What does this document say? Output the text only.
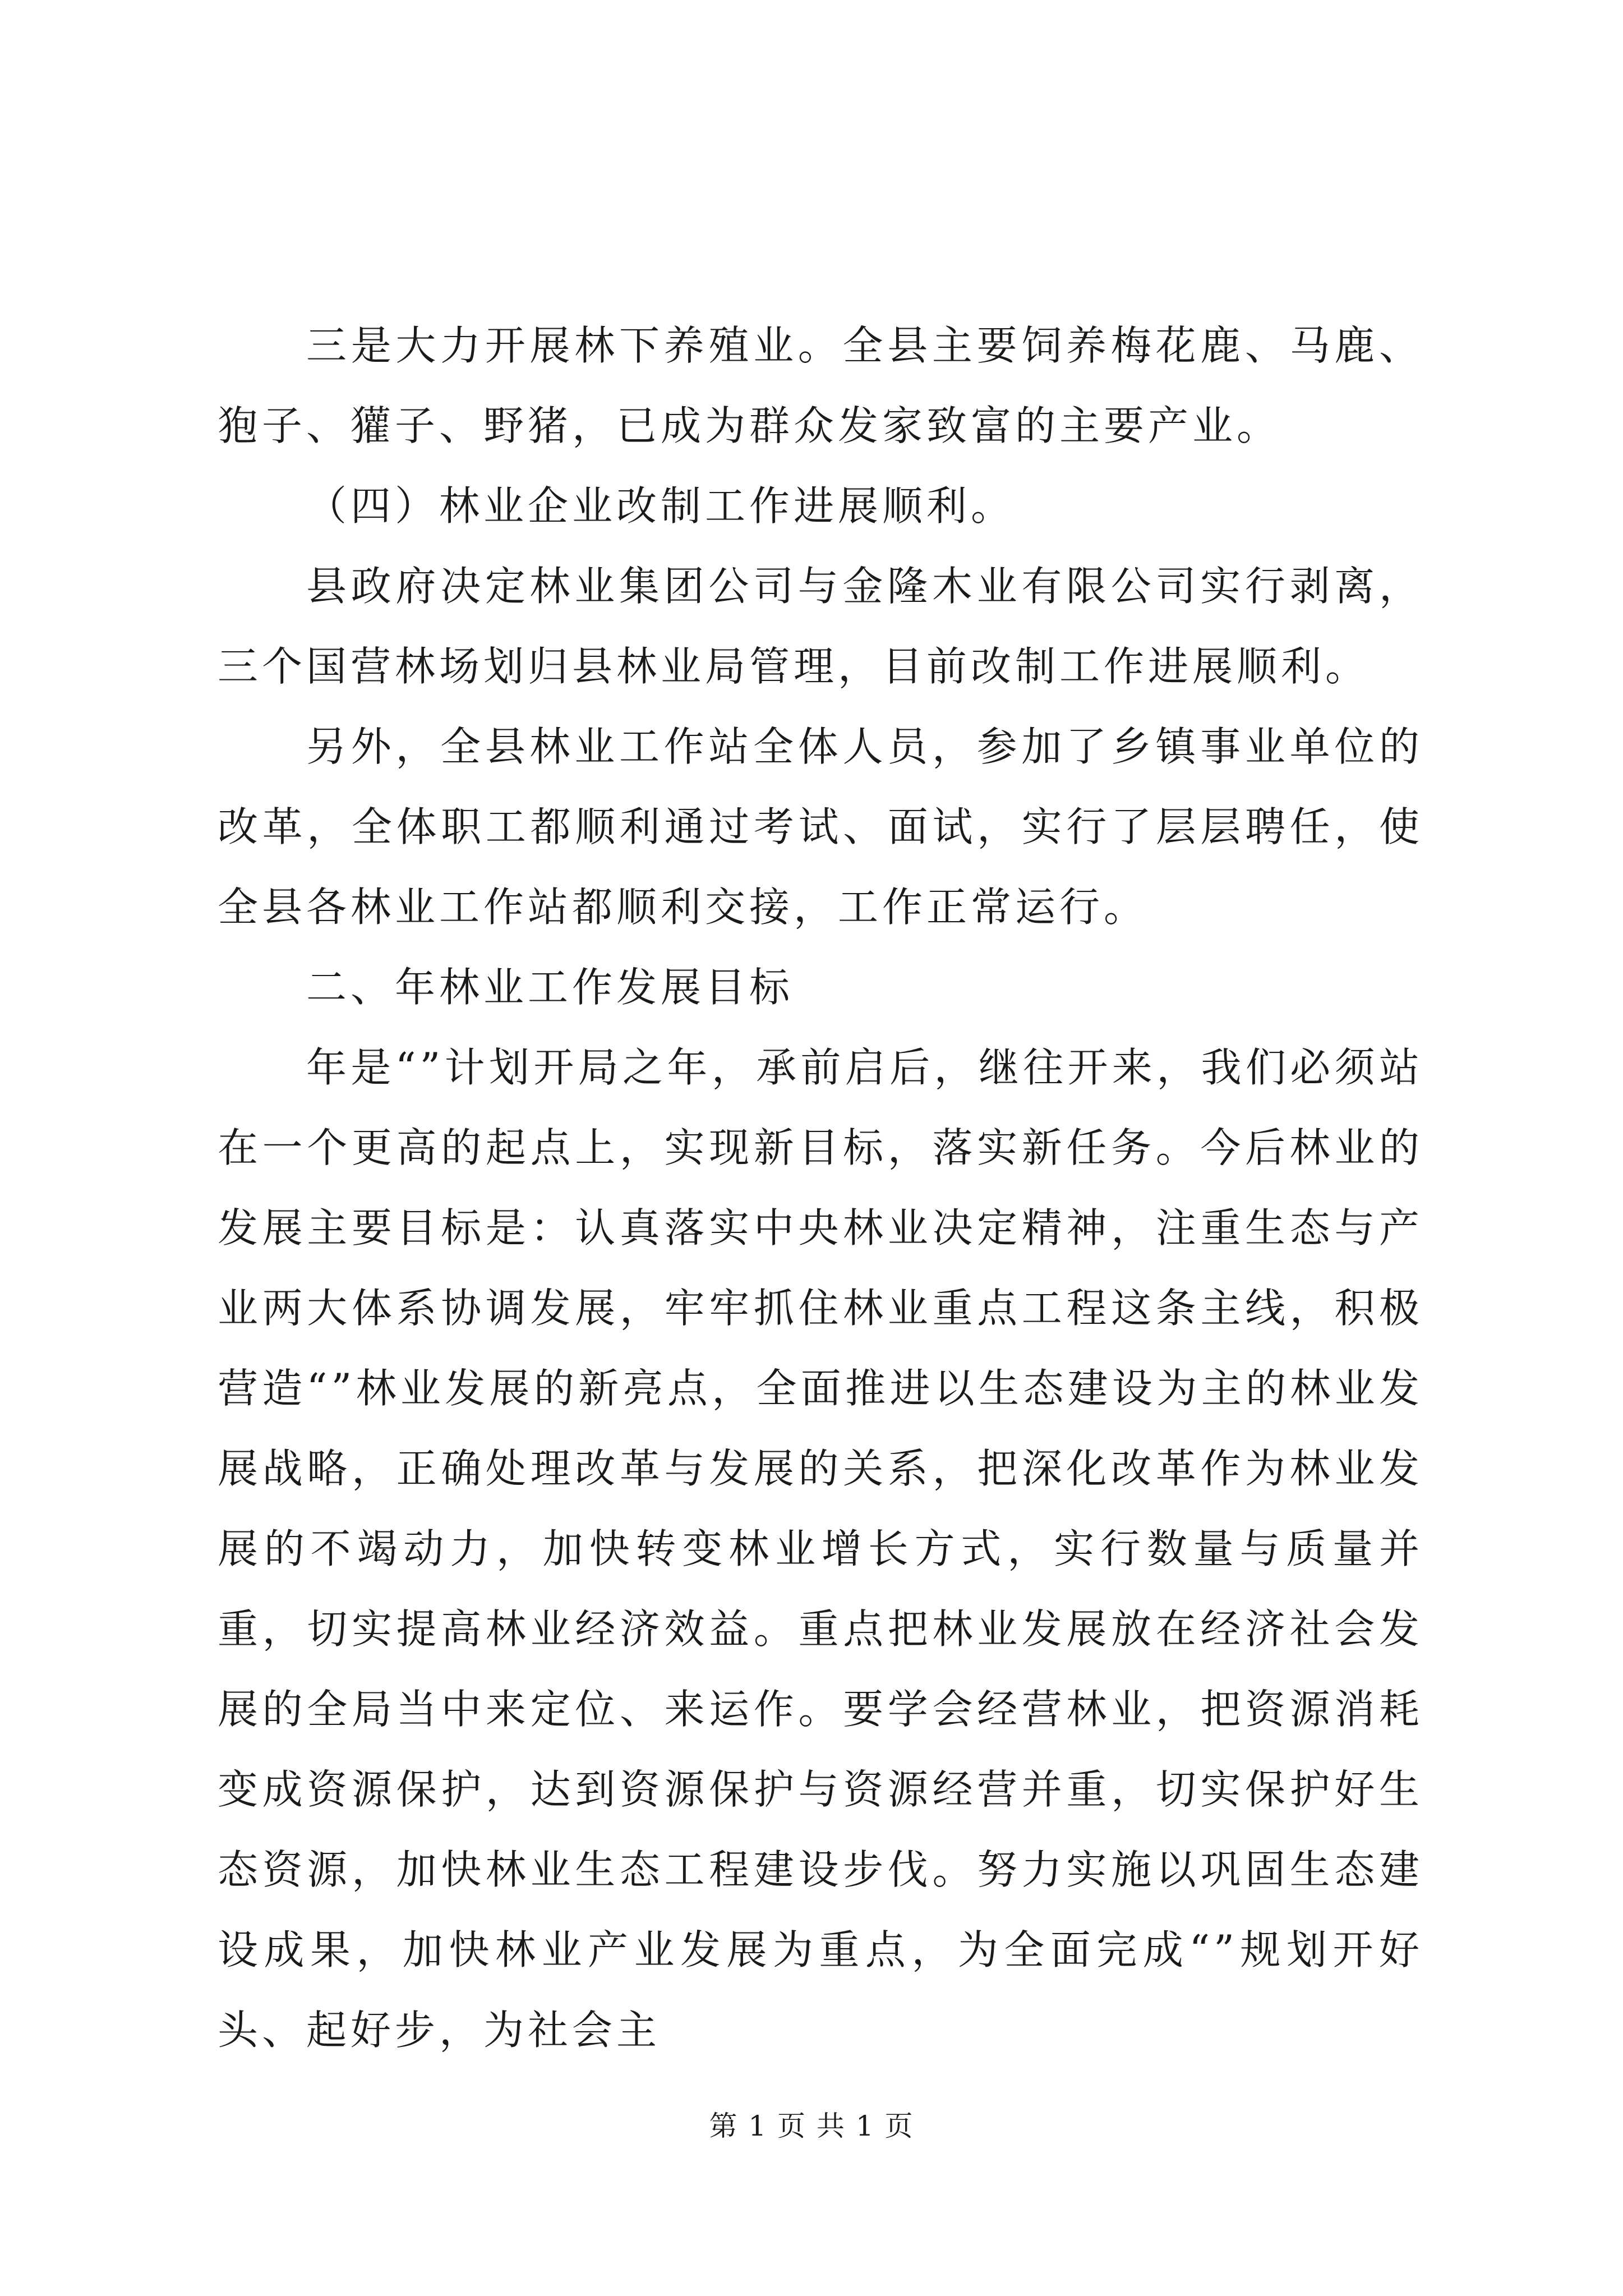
三是大力开展林下养殖业。全县主要饲养梅花鹿、马鹿、狍子、獾子、野猪，已成为群众发家致富的主要产业。

（四）林业企业改制工作进展顺利。

县政府决定林业集团公司与金隆木业有限公司实行剥离，三个国营林场划归县林业局管理，目前改制工作进展顺利。

另外，全县林业工作站全体人员，参加了乡镇事业单位的改革，全体职工都顺利通过考试、面试，实行了层层聘任，使全县各林业工作站都顺利交接，工作正常运行。

二、年林业工作发展目标

年是“”计划开局之年，承前启后，继往开来，我们必须站在一个更高的起点上，实现新目标，落实新任务。今后林业的发展主要目标是：认真落实中央林业决定精神，注重生态与产业两大体系协调发展，牢牢抓住林业重点工程这条主线，积极营造“”林业发展的新亮点，全面推进以生态建设为主的林业发展战略，正确处理改革与发展的关系，把深化改革作为林业发展的不竭动力，加快转变林业增长方式，实行数量与质量并重，切实提高林业经济效益。重点把林业发展放在经济社会发展的全局当中来定位、来运作。要学会经营林业，把资源消耗变成资源保护，达到资源保护与资源经营并重，切实保护好生态资源，加快林业生态工程建设步伐。努力实施以巩固生态建设成果，加快林业产业发展为重点，为全面完成“”规划开好头、起好步，为社会主

第 1 页 共 1 页
